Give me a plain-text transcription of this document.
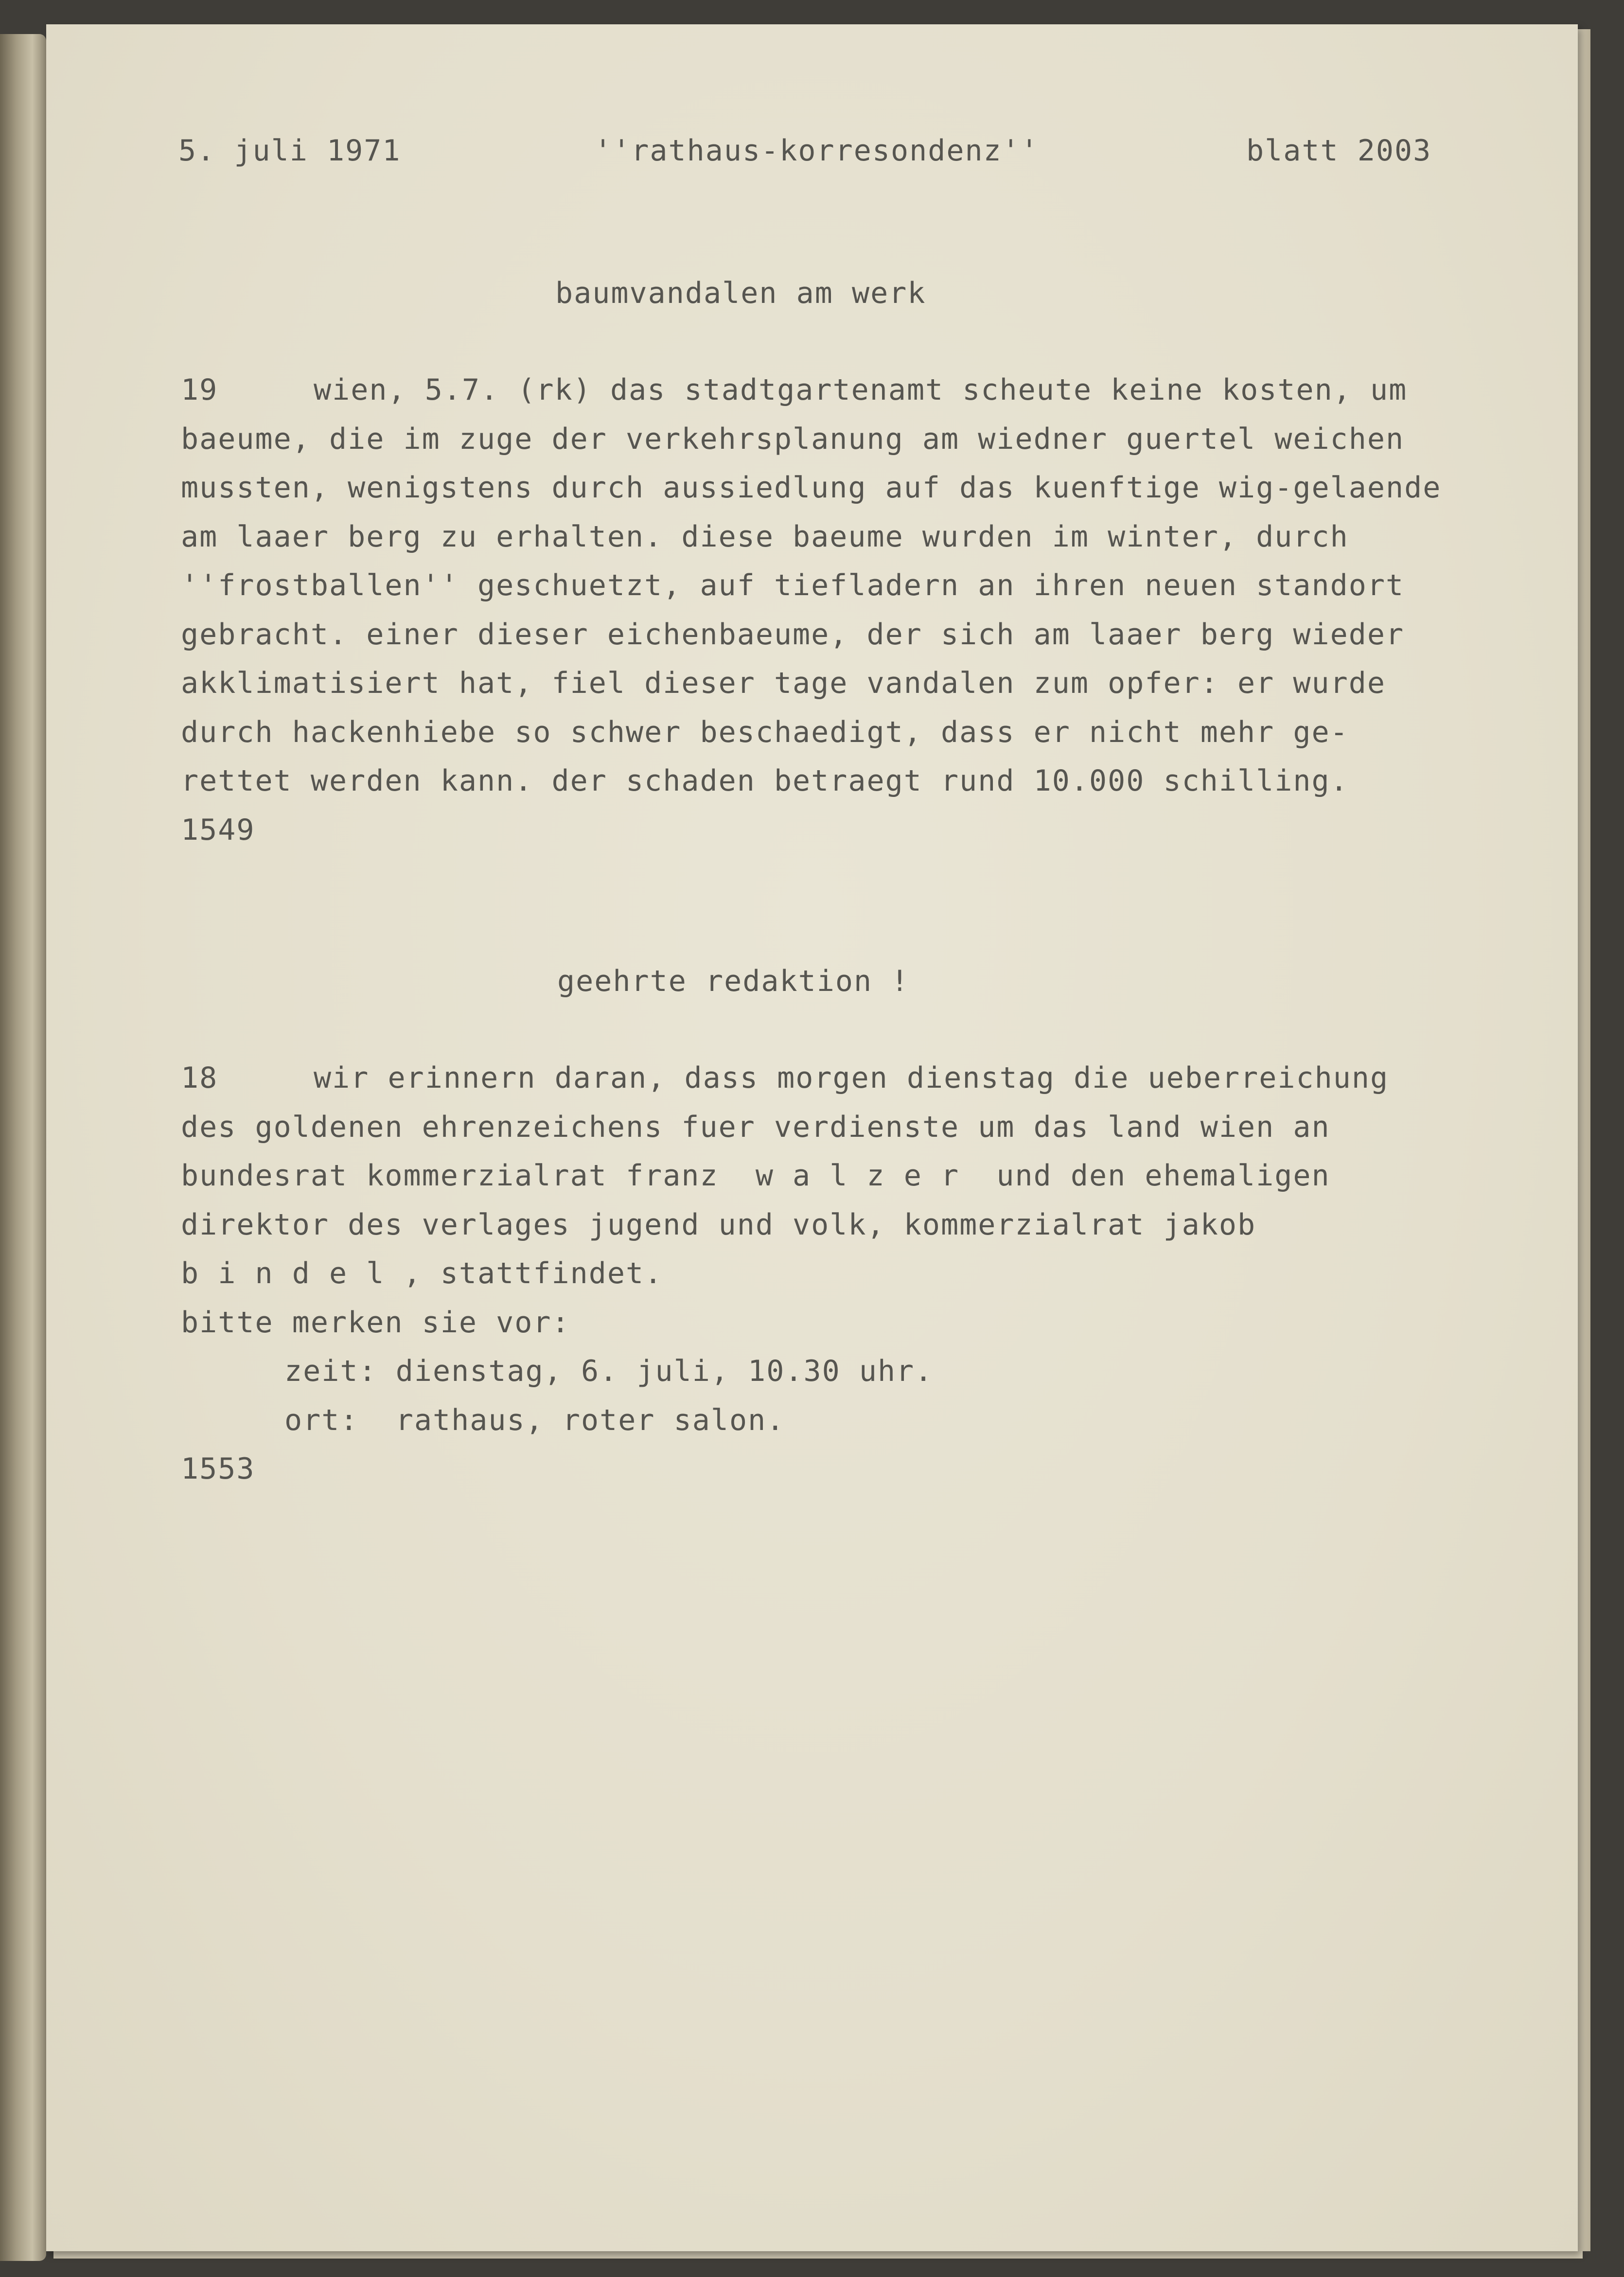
5. juli 1971	''rathaus-korresondenz''	blatt 2003
baumvandalen am werk
19	wien, 5.7. (rk) das stadtgartenamt scheute keine kosten, um
baeume, die im zuge der verkehrsplanung am wiedner guertel weichen
mussten, wenigstens durch aussiedlung auf das kuenftige wig-gelaende
am laaer berg zu erhalten. diese baeume wurden im winter, durch
''frostballen'' geschuetzt, auf tiefladern an ihren neuen standort
gebracht. einer dieser eichenbaeume, der sich am laaer berg wieder
akklimatisiert hat, fiel dieser tage vandalen zum opfer: er wurde
durch hackenhiebe so schwer beschaedigt, dass er nicht mehr ge-
rettet werden kann. der schaden betraegt rund 10.000 schilling.
1549
geehrte redaktion !
18	wir erinnern daran, dass morgen dienstag die ueberreichung
des goldenen ehrenzeichens fuer verdienste um das land wien an
bundesrat kommerzialrat franz  w a l z e r  und den ehemaligen
direktor des verlages jugend und volk, kommerzialrat jakob
b i n d e l , stattfindet.
bitte merken sie vor:
zeit: dienstag, 6. juli, 10.30 uhr.
ort:  rathaus, roter salon.
1553
